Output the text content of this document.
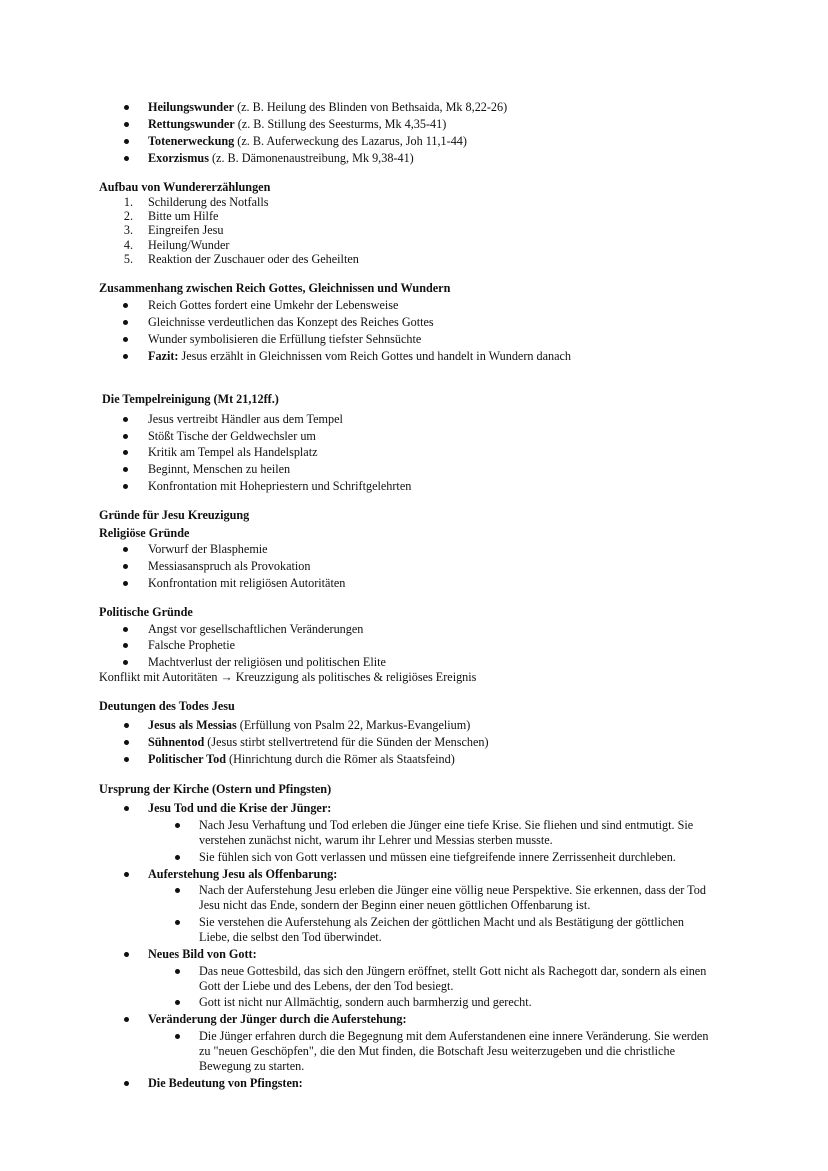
Heilungswunder (z. B. Heilung des Blinden von Bethsaida, Mk 8,22-26)
Rettungswunder (z. B. Stillung des Seesturms, Mk 4,35-41)
Totenerweckung (z. B. Auferweckung des Lazarus, Joh 11,1-44)
Exorzismus (z. B. Dämonenaustreibung, Mk 9,38-41)
Aufbau von Wundererzählungen
1. Schilderung des Notfalls
2. Bitte um Hilfe
3. Eingreifen Jesu
4. Heilung/Wunder
5. Reaktion der Zuschauer oder des Geheilten
Zusammenhang zwischen Reich Gottes, Gleichnissen und Wundern
Reich Gottes fordert eine Umkehr der Lebensweise
Gleichnisse verdeutlichen das Konzept des Reiches Gottes
Wunder symbolisieren die Erfüllung tiefster Sehnsüchte
Fazit: Jesus erzählt in Gleichnissen vom Reich Gottes und handelt in Wundern danach
Die Tempelreinigung (Mt 21,12ff.)
Jesus vertreibt Händler aus dem Tempel
Stößt Tische der Geldwechsler um
Kritik am Tempel als Handelsplatz
Beginnt, Menschen zu heilen
Konfrontation mit Hohepriestern und Schriftgelehrten
Gründe für Jesu Kreuzigung
Religiöse Gründe
Vorwurf der Blasphemie
Messiasanspruch als Provokation
Konfrontation mit religiösen Autoritäten
Politische Gründe
Angst vor gesellschaftlichen Veränderungen
Falsche Prophetie
Machtverlust der religiösen und politischen Elite
Konflikt mit Autoritäten → Kreuzzigung als politisches & religiöses Ereignis
Deutungen des Todes Jesu
Jesus als Messias (Erfüllung von Psalm 22, Markus-Evangelium)
Sühnentod (Jesus stirbt stellvertretend für die Sünden der Menschen)
Politischer Tod (Hinrichtung durch die Römer als Staatsfeind)
Ursprung der Kirche (Ostern und Pfingsten)
Jesu Tod und die Krise der Jünger:
Nach Jesu Verhaftung und Tod erleben die Jünger eine tiefe Krise. Sie fliehen und sind entmutigt. Sie
verstehen zunächst nicht, warum ihr Lehrer und Messias sterben musste.
Sie fühlen sich von Gott verlassen und müssen eine tiefgreifende innere Zerrissenheit durchleben.
Auferstehung Jesu als Offenbarung:
Nach der Auferstehung Jesu erleben die Jünger eine völlig neue Perspektive. Sie erkennen, dass der Tod
Jesu nicht das Ende, sondern der Beginn einer neuen göttlichen Offenbarung ist.
Sie verstehen die Auferstehung als Zeichen der göttlichen Macht und als Bestätigung der göttlichen
Liebe, die selbst den Tod überwindet.
Neues Bild von Gott:
Das neue Gottesbild, das sich den Jüngern eröffnet, stellt Gott nicht als Rachegott dar, sondern als einen
Gott der Liebe und des Lebens, der den Tod besiegt.
Gott ist nicht nur Allmächtig, sondern auch barmherzig und gerecht.
Veränderung der Jünger durch die Auferstehung:
Die Jünger erfahren durch die Begegnung mit dem Auferstandenen eine innere Veränderung. Sie werden
zu "neuen Geschöpfen", die den Mut finden, die Botschaft Jesu weiterzugeben und die christliche
Bewegung zu starten.
Die Bedeutung von Pfingsten:
